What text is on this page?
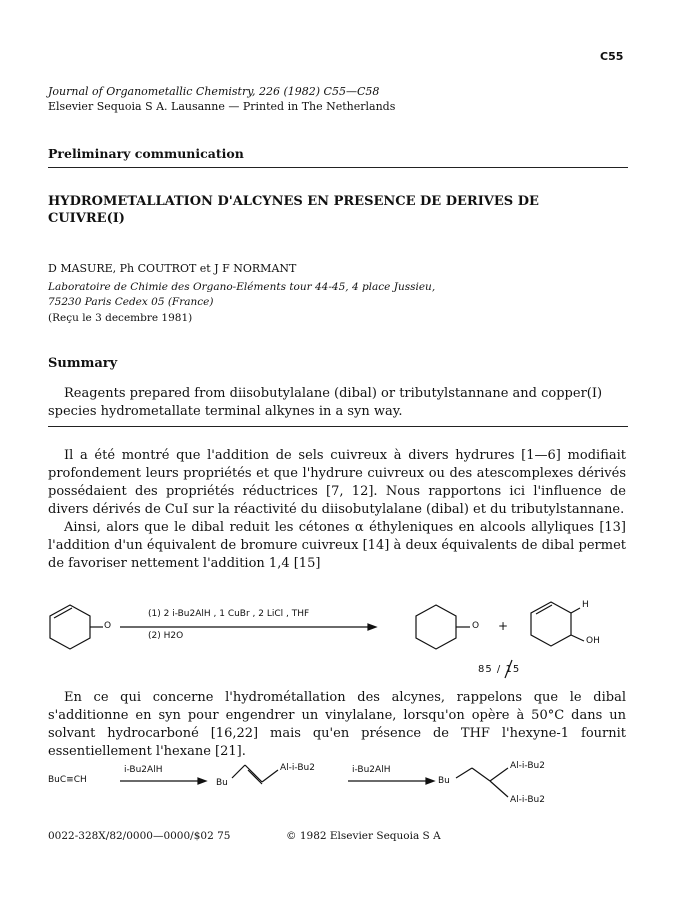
C55
Journal of Organometallic Chemistry, 226 (1982) C55—C58
Elsevier Sequoia S A. Lausanne — Printed in The Netherlands
Preliminary communication
HYDROMETALLATION D'ALCYNES EN PRESENCE DE DERIVES DE CUIVRE(I)
D MASURE, Ph COUTROT et J F NORMANT
Laboratoire de Chimie des Organo-Eléments tour 44-45, 4 place Jussieu,
75230 Paris Cedex 05 (France)
(Reçu le 3 decembre 1981)
Summary
Reagents prepared from diisobutylalane (dibal) or tributylstannane and copper(I) species hydrometallate terminal alkynes in a syn way.

Il a été montré que l'addition de sels cuivreux à divers hydrures [1—6] modifiait profondement leurs propriétés et que l'hydrure cuivreux ou des atescomplexes dérivés possédaient des propriétés réductrices [7, 12]. Nous rapportons ici l'influence de divers dérivés de CuI sur la réactivité du diisobutylalane (dibal) et du tributylstannane.

Ainsi, alors que le dibal reduit les cétones α éthyleniques en alcools allyliques [13] l'addition d'un équivalent de bromure cuivreux [14] à deux équivalents de dibal permet de favoriser nettement l'addition 1,4 [15]

(1) 2 i-Bu2AlH , 1 CuBr , 2 LiCl , THF
(2) H2O
O	O +
H
OH
85 / 15

En ce qui concerne l'hydrométallation des alcynes, rappelons que le dibal s'additionne en syn pour engendrer un vinylalane, lorsqu'on opère à 50°C dans un solvant hydrocarboné [16,22] mais qu'en présence de THF l'hexyne-1 fournit essentiellement l'hexane [21].

BuC≡CH
i-Bu2AlH
Bu
Al-i-Bu2	i-Bu2AlH
Bu
Al-i-Bu2
Al-i-Bu2
0022-328X/82/0000—0000/$02 75	© 1982 Elsevier Sequoia S A
